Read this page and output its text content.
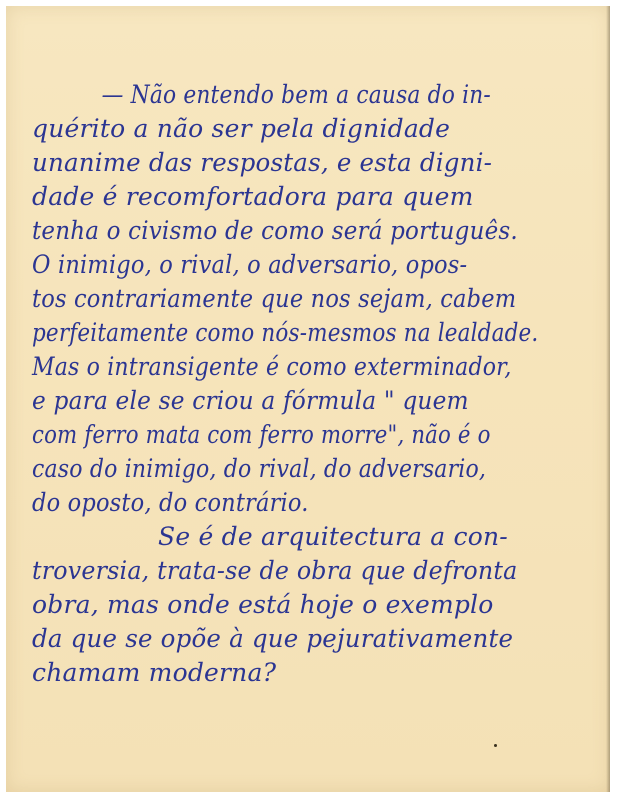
— Não entendo bem a causa do in-
quérito a não ser pela dignidade
unanime das respostas, e esta digni-
dade é recomfortadora para quem
tenha o civismo de como será português.
O inimigo, o rival, o adversario, opos-
tos contrariamente que nos sejam, cabem
perfeitamente como nós-mesmos na lealdade.
Mas o intransigente é como exterminador,
e para ele se criou a fórmula " quem
com ferro mata com ferro morre", não é o
caso do inimigo, do rival, do adversario,
do oposto, do contrário.
Se é de arquitectura a con-
troversia, trata-se de obra que defronta
obra, mas onde está hoje o exemplo
da que se opõe à que pejurativamente
chamam moderna?
